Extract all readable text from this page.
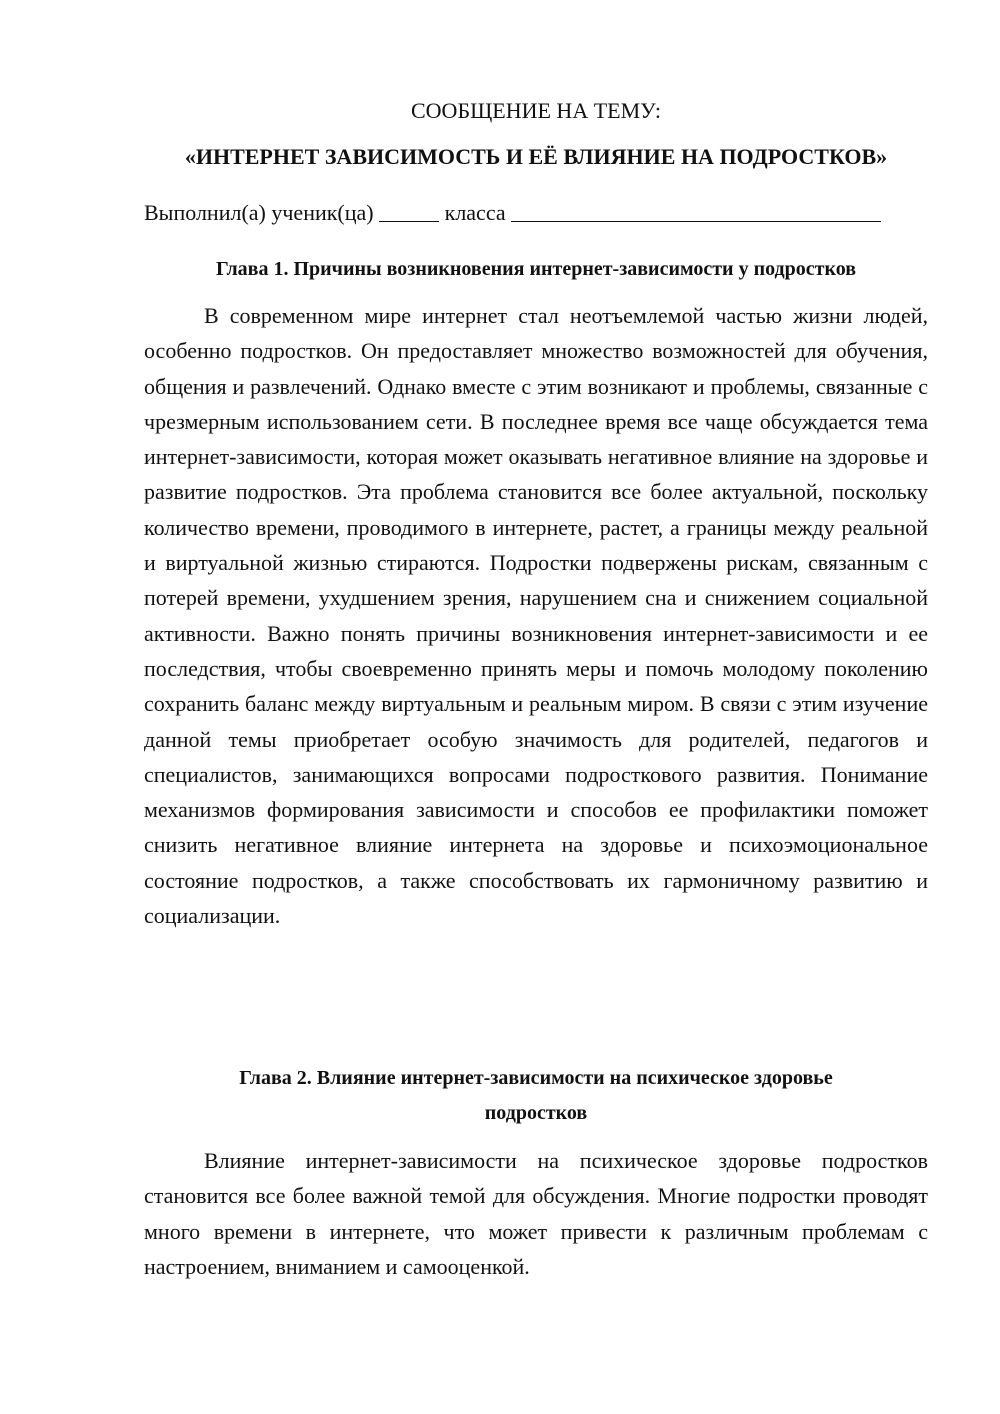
СООБЩЕНИЕ НА ТЕМУ:
«ИНТЕРНЕТ ЗАВИСИМОСТЬ И ЕЁ ВЛИЯНИЕ НА ПОДРОСТКОВ»
Выполнил(а) ученик(ца)	класса
Глава 1. Причины возникновения интернет-зависимости у подростков

В современном мире интернет стал неотъемлемой частью жизни людей, особенно подростков. Он предоставляет множество возможностей для обучения, общения и развлечений. Однако вместе с этим возникают и проблемы, связанные с чрезмерным использованием сети. В последнее время все чаще обсуждается тема интернет-зависимости, которая может оказывать негативное влияние на здоровье и развитие подростков. Эта проблема становится все более актуальной, поскольку количество времени, проводимого в интернете, растет, а границы между реальной и виртуальной жизнью стираются. Подростки подвержены рискам, связанным с потерей времени, ухудшением зрения, нарушением сна и снижением социальной активности. Важно понять причины возникновения интернет-зависимости и ее последствия, чтобы своевременно принять меры и помочь молодому поколению сохранить баланс между виртуальным и реальным миром. В связи с этим изучение данной темы приобретает особую значимость для родителей, педагогов и специалистов, занимающихся вопросами подросткового развития. Понимание механизмов формирования зависимости и способов ее профилактики поможет снизить негативное влияние интернета на здоровье и психоэмоциональное состояние подростков, а также способствовать их гармоничному развитию и социализации.

Глава 2. Влияние интернет-зависимости на психическое здоровье
подростков

Влияние интернет-зависимости на психическое здоровье подростков становится все более важной темой для обсуждения. Многие подростки проводят много времени в интернете, что может привести к различным проблемам с настроением, вниманием и самооценкой.
